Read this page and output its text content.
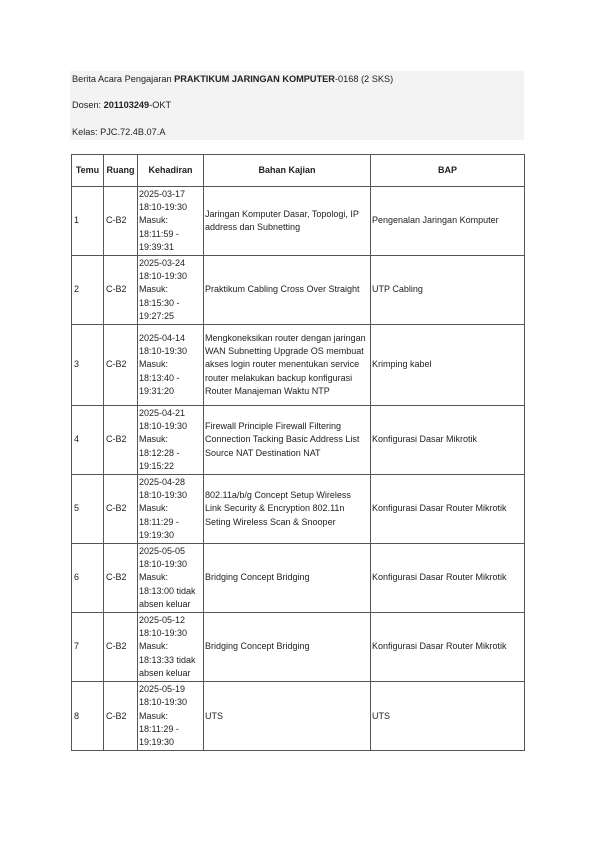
Berita Acara Pengajaran PRAKTIKUM JARINGAN KOMPUTER-0168 (2 SKS)
Dosen: 201103249-OKT
Kelas: PJC.72.4B.07.A
Temu	Ruang	Kehadiran	Bahan Kajian	BAP
1	C-B2	2025-03-17
18:10-19:30
Masuk:
18:11:59 -
19:39:31	Jaringan Komputer Dasar, Topologi, IP address dan Subnetting	Pengenalan Jaringan Komputer
2	C-B2	2025-03-24
18:10-19:30
Masuk:
18:15:30 -
19:27:25	Praktikum Cabling Cross Over Straight	UTP Cabling
3	C-B2	2025-04-14
18:10-19:30
Masuk:
18:13:40 -
19:31:20	Mengkoneksikan router dengan jaringan WAN Subnetting Upgrade OS membuat akses login router menentukan service router melakukan backup konfigurasi Router Manajeman Waktu NTP	Krimping kabel
4	C-B2	2025-04-21
18:10-19:30
Masuk:
18:12:28 -
19:15:22	Firewall Principle Firewall Filtering Connection Tacking Basic Address List Source NAT Destination NAT	Konfigurasi Dasar Mikrotik
5	C-B2	2025-04-28
18:10-19:30
Masuk:
18:11:29 -
19:19:30	802.11a/b/g Concept Setup Wireless Link Security & Encryption 802.11n Seting Wireless Scan & Snooper	Konfigurasi Dasar Router Mikrotik
6	C-B2	2025-05-05
18:10-19:30
Masuk:
18:13:00 tidak
absen keluar	Bridging Concept Bridging	Konfigurasi Dasar Router Mikrotik
7	C-B2	2025-05-12
18:10-19:30
Masuk:
18:13:33 tidak
absen keluar	Bridging Concept Bridging	Konfigurasi Dasar Router Mikrotik
8	C-B2	2025-05-19
18:10-19:30
Masuk:
18:11:29 -
19:19:30	UTS	UTS
